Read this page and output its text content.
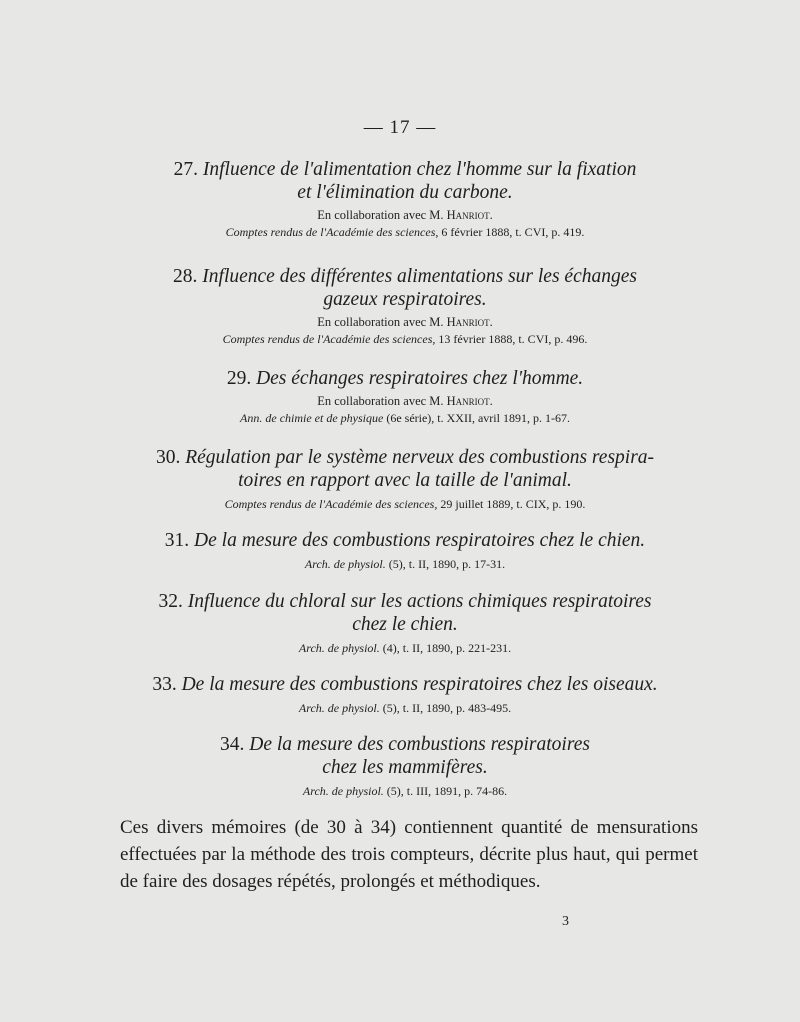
— 17 —
27. Influence de l'alimentation chez l'homme sur la fixation
et l'élimination du carbone.
En collaboration avec M. Hanriot.
Comptes rendus de l'Académie des sciences, 6 février 1888, t. CVI, p. 419.
28. Influence des différentes alimentations sur les échanges
gazeux respiratoires.
En collaboration avec M. Hanriot.
Comptes rendus de l'Académie des sciences, 13 février 1888, t. CVI, p. 496.
29. Des échanges respiratoires chez l'homme.
En collaboration avec M. Hanriot.
Ann. de chimie et de physique (6e série), t. XXII, avril 1891, p. 1-67.
30. Régulation par le système nerveux des combustions respira-
toires en rapport avec la taille de l'animal.
Comptes rendus de l'Académie des sciences, 29 juillet 1889, t. CIX, p. 190.
31. De la mesure des combustions respiratoires chez le chien.
Arch. de physiol. (5), t. II, 1890, p. 17-31.
32. Influence du chloral sur les actions chimiques respiratoires
chez le chien.
Arch. de physiol. (4), t. II, 1890, p. 221-231.
33. De la mesure des combustions respiratoires chez les oiseaux.
Arch. de physiol. (5), t. II, 1890, p. 483-495.
34. De la mesure des combustions respiratoires
chez les mammifères.
Arch. de physiol. (5), t. III, 1891, p. 74-86.
Ces divers mémoires (de 30 à 34) contiennent quantité de mensurations effectuées par la méthode des trois compteurs, décrite plus haut, qui permet de faire des dosages répétés, prolongés et méthodiques.
3
